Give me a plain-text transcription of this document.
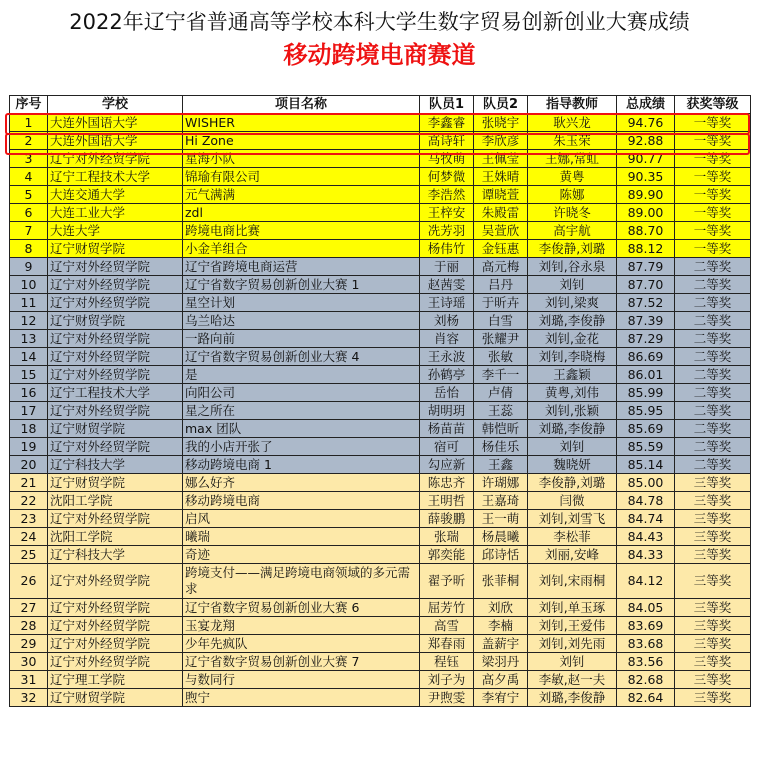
2022年辽宁省普通高等学校本科大学生数字贸易创新创业大赛成绩
移动跨境电商赛道
序号	学校	项目名称	队员1	队员2	指导教师	总成绩	获奖等级
1	大连外国语大学	WISHER	李鑫睿	张晓宇	耿兴龙	94.76	一等奖
2	大连外国语大学	Hi Zone	高诗轩	李欣彦	朱玉荣	92.88	一等奖
3	辽宁对外经贸学院	星海小队	马牧萌	王佩莹	王娜,常虹	90.77	一等奖
4	辽宁工程技术大学	锦瑜有限公司	何梦微	王姝晴	黄粤	90.35	一等奖
5	大连交通大学	元气满满	李浩然	谭晓萱	陈娜	89.90	一等奖
6	大连工业大学	zdl	王梓安	朱殿雷	许晓冬	89.00	一等奖
7	大连大学	跨境电商比赛	冼芳羽	吴萱欣	高宇航	88.70	一等奖
8	辽宁财贸学院	小金羊组合	杨伟竹	金钰惠	李俊静,刘璐	88.12	一等奖
9	辽宁对外经贸学院	辽宁省跨境电商运营	于丽	高元梅	刘钊,谷永泉	87.79	二等奖
10	辽宁对外经贸学院	辽宁省数字贸易创新创业大赛 1	赵茜雯	吕丹	刘钊	87.70	二等奖
11	辽宁对外经贸学院	星空计划	王诗瑶	于昕卉	刘钊,梁爽	87.52	二等奖
12	辽宁财贸学院	乌兰哈达	刘杨	白雪	刘璐,李俊静	87.39	二等奖
13	辽宁对外经贸学院	一路向前	肖容	张耀尹	刘钊,金花	87.29	二等奖
14	辽宁对外经贸学院	辽宁省数字贸易创新创业大赛 4	王永波	张敏	刘钊,李晓梅	86.69	二等奖
15	辽宁对外经贸学院	是	孙鹤亭	李千一	王鑫颖	86.01	二等奖
16	辽宁工程技术大学	向阳公司	岳怡	卢倩	黄粤,刘伟	85.99	二等奖
17	辽宁对外经贸学院	星之所在	胡明玥	王蕊	刘钊,张颖	85.95	二等奖
18	辽宁财贸学院	max 团队	杨苗苗	韩恺昕	刘璐,李俊静	85.69	二等奖
19	辽宁对外经贸学院	我的小店开张了	宿可	杨佳乐	刘钊	85.59	二等奖
20	辽宁科技大学	移动跨境电商 1	勾应新	王鑫	魏晓妍	85.14	二等奖
21	辽宁财贸学院	娜么好齐	陈忠齐	许瑚娜	李俊静,刘璐	85.00	三等奖
22	沈阳工学院	移动跨境电商	王明哲	王嘉琦	闫微	84.78	三等奖
23	辽宁对外经贸学院	启风	薛骏鹏	王一萌	刘钊,刘雪飞	84.74	三等奖
24	沈阳工学院	曦瑞	张瑞	杨晨曦	李松菲	84.43	三等奖
25	辽宁科技大学	奇迹	郭奕能	邱诗恬	刘丽,安峰	84.33	三等奖
26	辽宁对外经贸学院	跨境支付——满足跨境电商领域的多元需求	翟予昕	张菲桐	刘钊,宋雨桐	84.12	三等奖
27	辽宁对外经贸学院	辽宁省数字贸易创新创业大赛 6	屈芳竹	刘欣	刘钊,单玉琢	84.05	三等奖
28	辽宁对外经贸学院	玉宴龙翔	高雪	李楠	刘钊,王爱伟	83.69	三等奖
29	辽宁对外经贸学院	少年先疯队	郑春雨	盖薪宇	刘钊,刘先雨	83.68	三等奖
30	辽宁对外经贸学院	辽宁省数字贸易创新创业大赛 7	程钰	梁羽丹	刘钊	83.56	三等奖
31	辽宁理工学院	与数同行	刘子为	高夕禹	李敏,赵一夫	82.68	三等奖
32	辽宁财贸学院	煦宁	尹煦雯	李宥宁	刘璐,李俊静	82.64	三等奖
